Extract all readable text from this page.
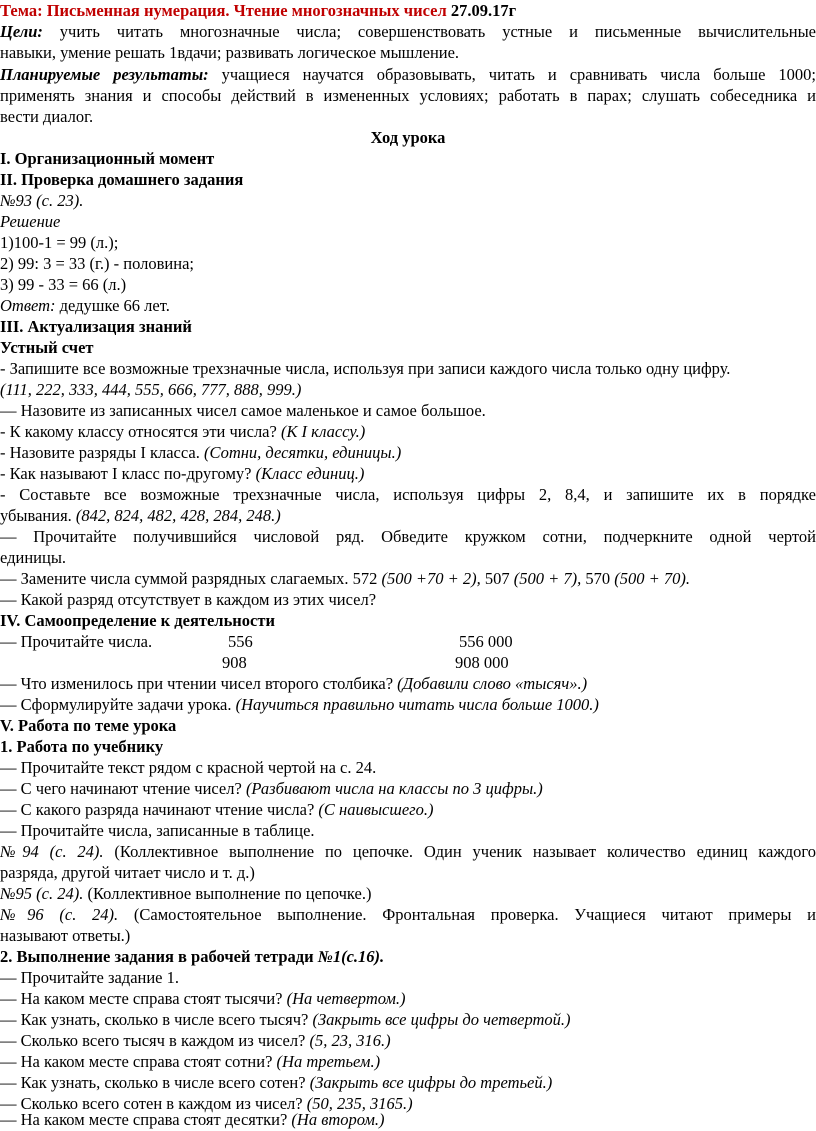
Тема: Письменная нумерация. Чтение многозначных чисел 27.09.17г
Цели: учить читать многозначные числа; совершенствовать устные и письменные вычислительные
навыки, умение решать 1вдачи; развивать логическое мышление.
Планируемые результаты: учащиеся научатся образовывать, читать и сравнивать числа больше 1000;
применять знания и способы действий в измененных условиях; работать в парах; слушать собеседника и
вести диалог.
Ход урока
I. Организационный момент
II. Проверка домашнего задания
№93 (с. 23).
Решение
1)100-1 = 99 (л.);
2) 99: 3 = 33 (г.) - половина;
3) 99 - 33 = 66 (л.)
Ответ: дедушке 66 лет.
III. Актуализация знаний
Устный счет
- Запишите все возможные трехзначные числа, используя при записи каждого числа только одну цифру.
(111, 222, 333, 444, 555, 666, 777, 888, 999.)
— Назовите из записанных чисел самое маленькое и самое большое.
- К какому классу относятся эти числа? (К I классу.)
- Назовите разряды I класса. (Сотни, десятки, единицы.)
- Как называют I класс по-другому? (Класс единиц.)
- Составьте все возможные трехзначные числа, используя цифры 2, 8,4, и запишите их в порядке
убывания. (842, 824, 482, 428, 284, 248.)
— Прочитайте получившийся числовой ряд. Обведите кружком сотни, подчеркните одной чертой
единицы.
— Замените числа суммой разрядных слагаемых. 572 (500 +70 + 2), 507 (500 + 7), 570 (500 + 70).
— Какой разряд отсутствует в каждом из этих чисел?
IV. Самоопределение к деятельности
— Прочитайте числа.	556	556 000
908	908 000
— Что изменилось при чтении чисел второго столбика? (Добавили слово «тысяч».)
— Сформулируйте задачи урока. (Научиться правильно читать числа больше 1000.)
V. Работа по теме урока
1. Работа по учебнику
— Прочитайте текст рядом с красной чертой на с. 24.
— С чего начинают чтение чисел? (Разбивают числа на классы по 3 цифры.)
— С какого разряда начинают чтение числа? (С наивысшего.)
— Прочитайте числа, записанные в таблице.
№94 (с. 24). (Коллективное выполнение по цепочке. Один ученик называет количество единиц каждого
разряда, другой читает число и т. д.)
№95 (с. 24). (Коллективное выполнение по цепочке.)
№96 (с. 24). (Самостоятельное выполнение. Фронтальная проверка. Учащиеся читают примеры и
называют ответы.)
2. Выполнение задания в рабочей тетради №1(с.16).
— Прочитайте задание 1.
— На каком месте справа стоят тысячи? (На четвертом.)
— Как узнать, сколько в числе всего тысяч? (Закрыть все цифры до четвертой.)
— Сколько всего тысяч в каждом из чисел? (5, 23, 316.)
— На каком месте справа стоят сотни? (На третьем.)
— Как узнать, сколько в числе всего сотен? (Закрыть все цифры до третьей.)
— Сколько всего сотен в каждом из чисел? (50, 235, 3165.)
— На каком месте справа стоят десятки? (На втором.)
